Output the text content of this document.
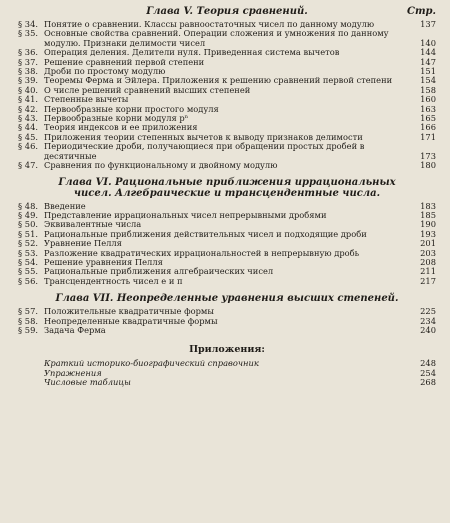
Глава V. Теория сравнений.	Стр.
§ 34. Понятие о сравнении. Классы равноостаточных чисел по данному модулю	137
§ 35. Основные свойства сравнений. Операции сложения и умножения по данному модулю. Признаки делимости чисел	140
§ 36. Операция деления. Делители нуля. Приведенная система вычетов	144
§ 37. Решение сравнений первой степени	147
§ 38. Дроби по простому модулю	151
§ 39. Теоремы Ферма и Эйлера. Приложения к решению сравнений первой степени	154
§ 40. О числе решений сравнений высших степеней	158
§ 41. Степенные вычеты	160
§ 42. Первообразные корни простого модуля	163
§ 43. Первообразные корни модуля pⁿ	165
§ 44. Теория индексов и ее приложения	166
§ 45. Приложения теории степенных вычетов к выводу признаков делимости	171
§ 46. Периодические дроби, получающиеся при обращении простых дробей в десятичные	173
§ 47. Сравнения по функциональному и двойному модулю	180
Глава VI. Рациональные приближения иррациональных чисел. Алгебраические и трансцендентные числа.
§ 48. Введение	183
§ 49. Представление иррациональных чисел непрерывными дробями	185
§ 50. Эквивалентные числа	190
§ 51. Рациональные приближения действительных чисел и подходящие дроби	193
§ 52. Уравнение Пелля	201
§ 53. Разложение квадратических иррациональностей в непрерывную дробь	203
§ 54. Решение уравнения Пелля	208
§ 55. Рациональные приближения алгебраических чисел	211
§ 56. Трансцендентность чисел e и π	217
Глава VII. Неопределенные уравнения высших степеней.
§ 57. Положительные квадратичные формы	225
§ 58. Неопределенные квадратичные формы	234
§ 59. Задача Ферма	240
Приложения:
Краткий историко-биографический справочник	248
Упражнения	254
Числовые таблицы	268
